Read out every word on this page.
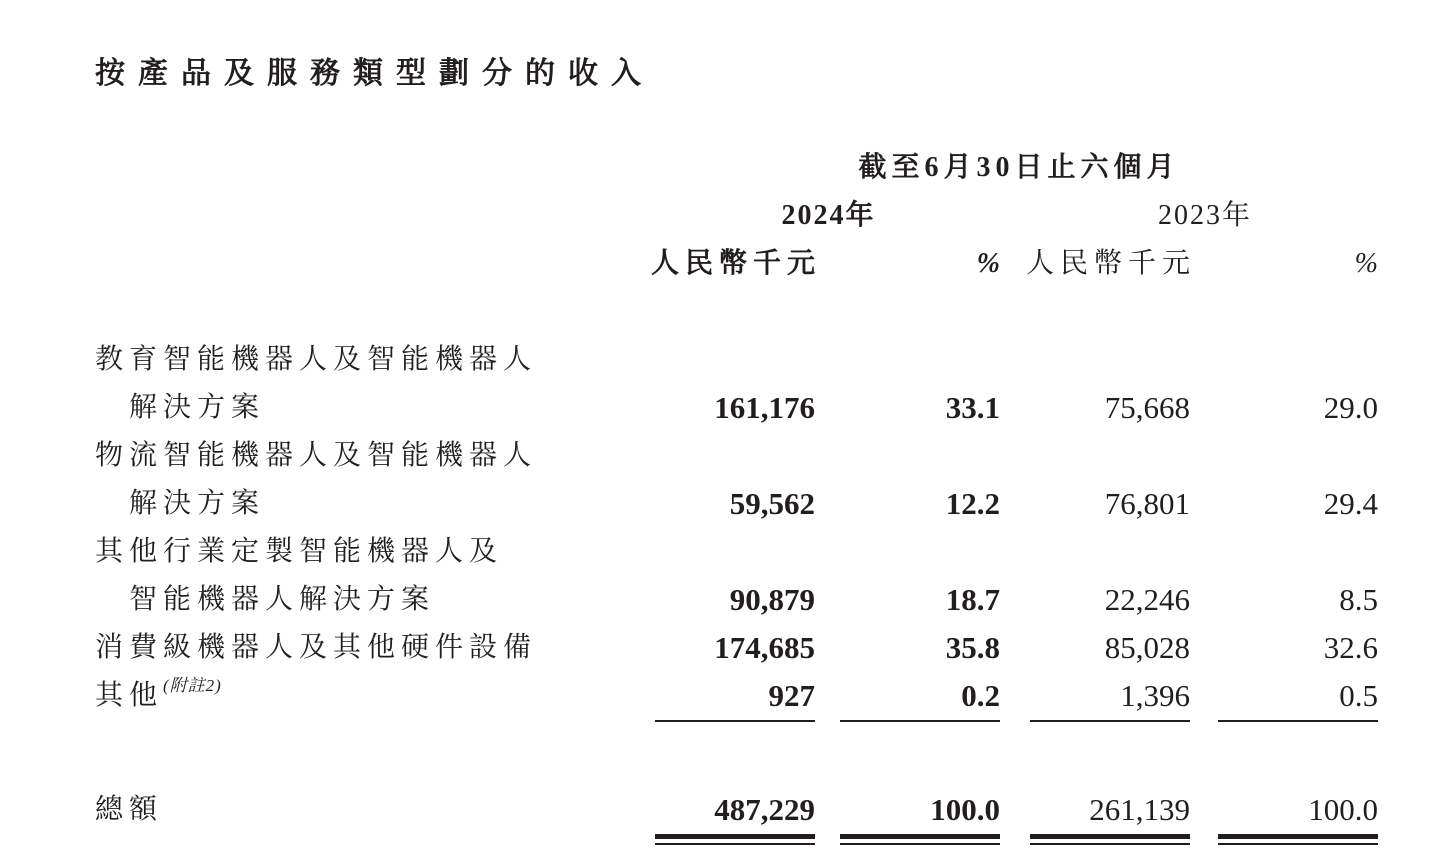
按產品及服務類型劃分的收入
截至6月30日止六個月
2024年	2023年
人民幣千元	% 人民幣千元	%
教育智能機器人及智能機器人
解決方案	161,176	33.1	75,668	29.0
物流智能機器人及智能機器人
解決方案	59,562	12.2	76,801	29.4
其他行業定製智能機器人及
智能機器人解決方案	90,879	18.7	22,246	8.5
消費級機器人及其他硬件設備	174,685	35.8	85,028	32.6
其他$^{(附註2)}$	927	0.2	1,396	0.5
總額	487,229	100.0	261,139	100.0
